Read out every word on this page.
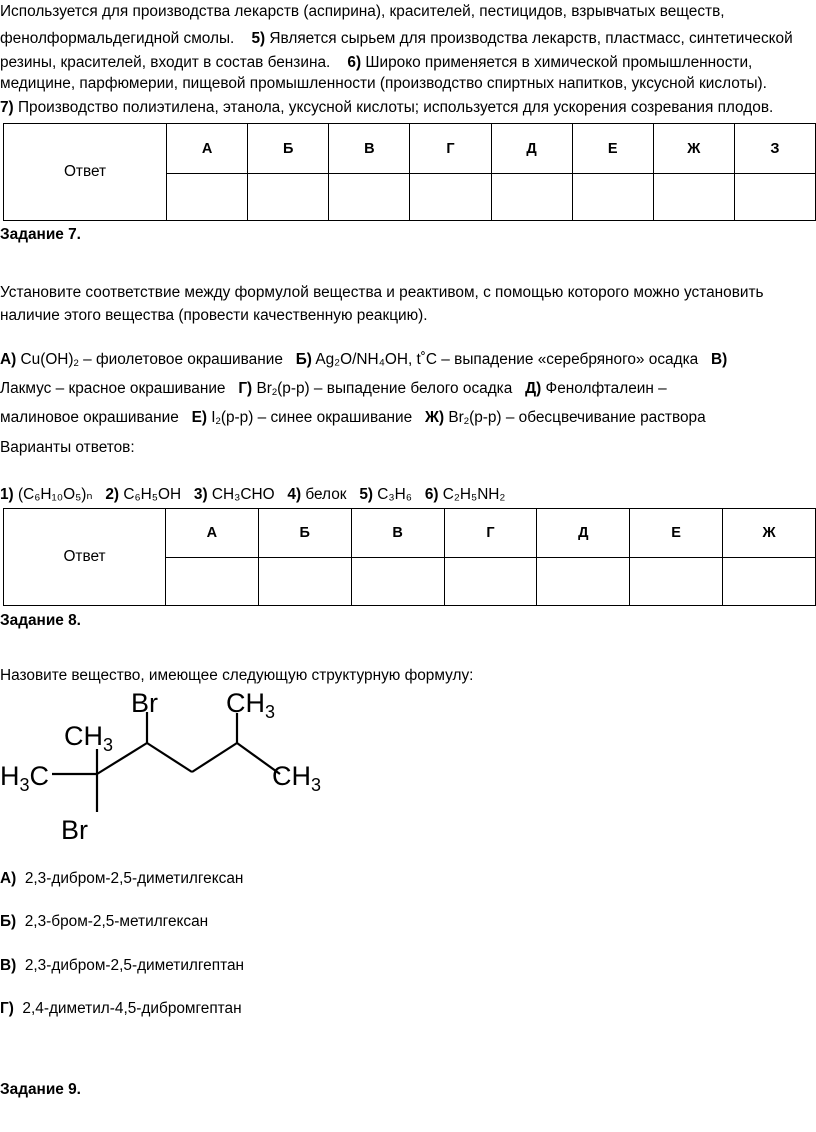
Используется для производства лекарств (аспирина), красителей, пестицидов, взрывчатых веществ,
фенолформальдегидной смолы. 5) Является сырьем для производства лекарств, пластмасс, синтетической
резины, красителей, входит в состав бензина. 6) Широко применяется в химической промышленности,
медицине, парфюмерии, пищевой промышленности (производство спиртных напитков, уксусной кислоты).
7) Производство полиэтилена, этанола, уксусной кислоты; используется для ускорения созревания плодов.
Ответ	А	Б	В	Г	Д	Е	Ж	З

Задание 7.
Установите соответствие между формулой вещества и реактивом, с помощью которого можно установить
наличие этого вещества (провести качественную реакцию).
А) $Cu(OH)_2$ – фиолетовое окрашивание Б) Ag₂O/NH₄OH, t˚C – выпадение «серебряного» осадка В)
Лакмус – красное окрашивание Г) $Br_2(р-р)$ – выпадение белого осадка Д) Фенолфталеин –
малиновое окрашивание Е) $I_2(р-р)$ – синее окрашивание Ж) $Br_2(р-р)$ – обесцвечивание раствора
Варианты ответов:
1) (C₆H₁₀O₅)ₙ 2) C₆H₅OH 3) CH₃CHO 4) белок 5) C₃H₆ 6) C₂H₅NH₂
Ответ	А	Б	В	Г	Д	Е	Ж

Задание 8.
Назовите вещество, имеющее следующую структурную формулу:
Br	$CH_3$
$CH_3$
$H_3C$	$CH_3$
Br
А) 2,3-дибром-2,5-диметилгексан
Б) 2,3-бром-2,5-метилгексан
В) 2,3-дибром-2,5-диметилгептан
Г) 2,4-диметил-4,5-дибромгептан
Задание 9.
